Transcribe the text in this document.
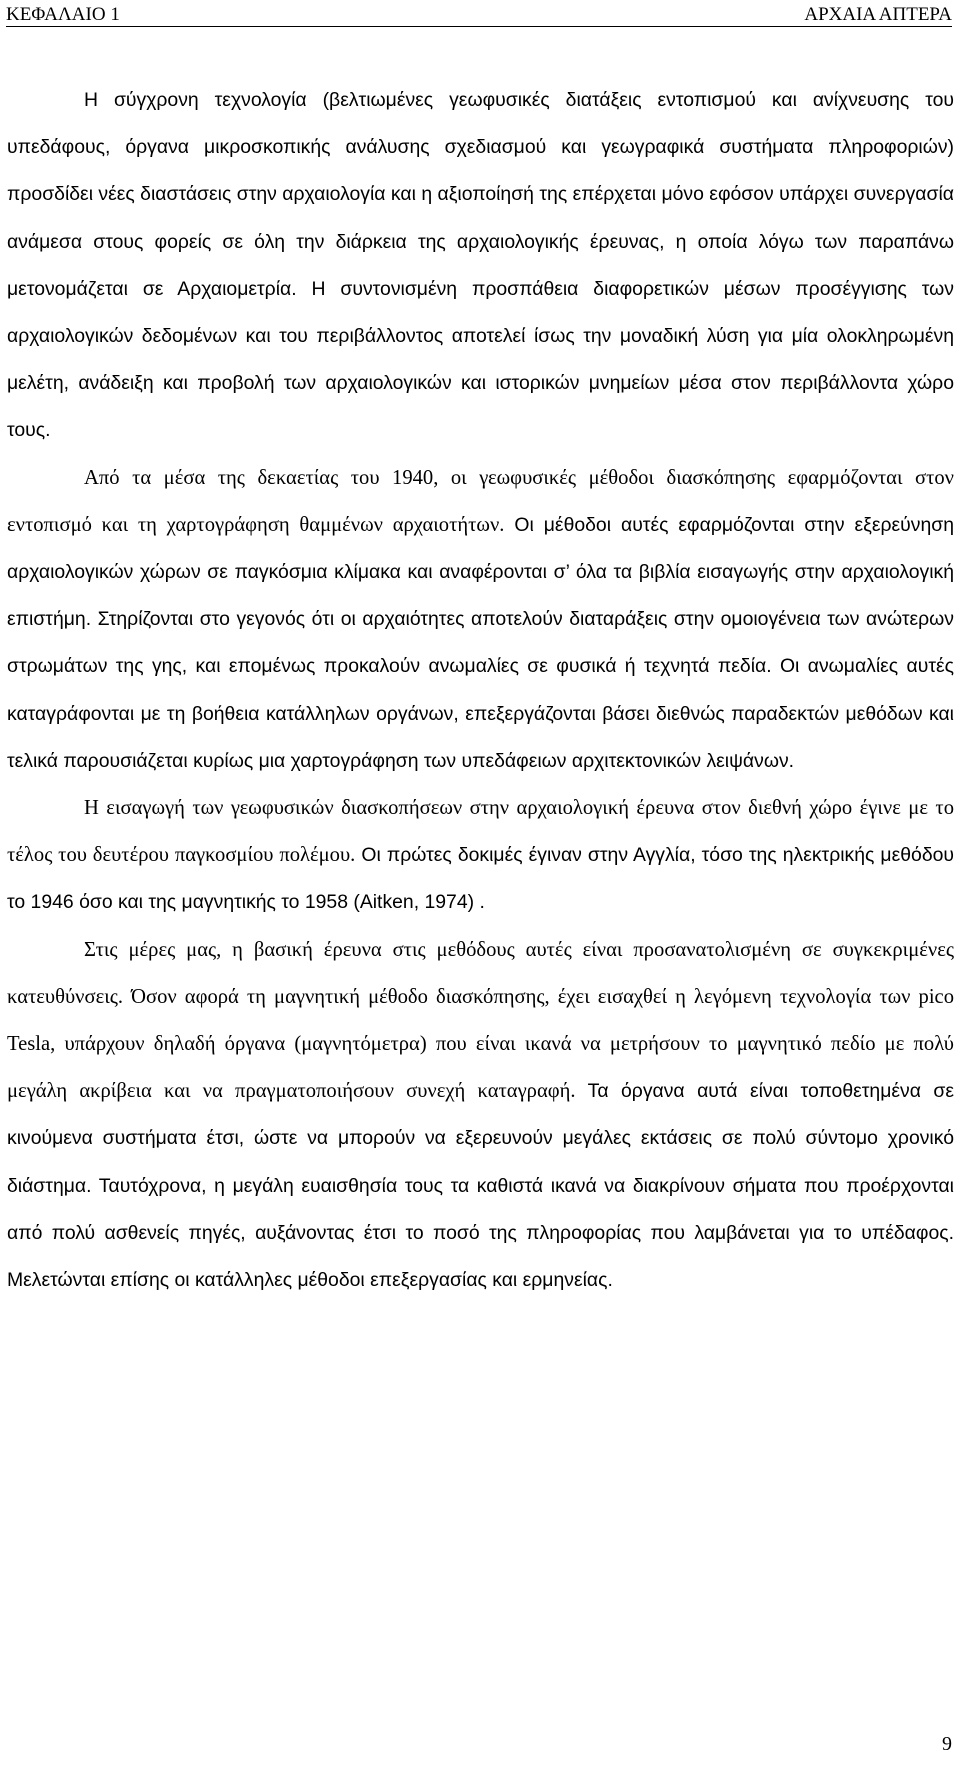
ΚΕΦΑΛΑΙΟ 1	ΑΡΧΑΙΑ ΑΠΤΕΡΑ

Η σύγχρονη τεχνολογία (βελτιωμένες γεωφυσικές διατάξεις εντοπισμού και ανίχνευσης του υπεδάφους, όργανα μικροσκοπικής ανάλυσης σχεδιασμού και γεωγραφικά συστήματα πληροφοριών) προσδίδει νέες διαστάσεις στην αρχαιολογία και η αξιοποίησή της επέρχεται μόνο εφόσον υπάρχει συνεργασία ανάμεσα στους φορείς σε όλη την διάρκεια της αρχαιολογικής έρευνας, η οποία λόγω των παραπάνω μετονομάζεται σε Αρχαιομετρία. Η συντονισμένη προσπάθεια διαφορετικών μέσων προσέγγισης των αρχαιολογικών δεδομένων και του περιβάλλοντος αποτελεί ίσως την μοναδική λύση για μία ολοκληρωμένη μελέτη, ανάδειξη και προβολή των αρχαιολογικών και ιστορικών μνημείων μέσα στον περιβάλλοντα χώρο τους.

Από τα μέσα της δεκαετίας του 1940, οι γεωφυσικές μέθοδοι διασκόπησης εφαρμόζονται στον εντοπισμό και τη χαρτογράφηση θαμμένων αρχαιοτήτων. Οι μέθοδοι αυτές εφαρμόζονται στην εξερεύνηση αρχαιολογικών χώρων σε παγκόσμια κλίμακα και αναφέρονται σ’ όλα τα βιβλία εισαγωγής στην αρχαιολογική επιστήμη. Στηρίζονται στο γεγονός ότι οι αρχαιότητες αποτελούν διαταράξεις στην ομοιογένεια των ανώτερων στρωμάτων της γης, και επομένως προκαλούν ανωμαλίες σε φυσικά ή τεχνητά πεδία. Οι ανωμαλίες αυτές καταγράφονται με τη βοήθεια κατάλληλων οργάνων, επεξεργάζονται βάσει διεθνώς παραδεκτών μεθόδων και τελικά παρουσιάζεται κυρίως μια χαρτογράφηση των υπεδάφειων αρχιτεκτονικών λειψάνων.

Η εισαγωγή των γεωφυσικών διασκοπήσεων στην αρχαιολογική έρευνα στον διεθνή χώρο έγινε με το τέλος του δευτέρου παγκοσμίου πολέμου. Οι πρώτες δοκιμές έγιναν στην Αγγλία, τόσο της ηλεκτρικής μεθόδου το 1946 όσο και της μαγνητικής το 1958 (Aitken, 1974) .

Στις μέρες μας, η βασική έρευνα στις μεθόδους αυτές είναι προσανατολισμένη σε συγκεκριμένες κατευθύνσεις. Όσον αφορά τη μαγνητική μέθοδο διασκόπησης, έχει εισαχθεί η λεγόμενη τεχνολογία των pico Tesla, υπάρχουν δηλαδή όργανα (μαγνητόμετρα) που είναι ικανά να μετρήσουν το μαγνητικό πεδίο με πολύ μεγάλη ακρίβεια και να πραγματοποιήσουν συνεχή καταγραφή. Τα όργανα αυτά είναι τοποθετημένα σε κινούμενα συστήματα έτσι, ώστε να μπορούν να εξερευνούν μεγάλες εκτάσεις σε πολύ σύντομο χρονικό διάστημα. Ταυτόχρονα, η μεγάλη ευαισθησία τους τα καθιστά ικανά να διακρίνουν σήματα που προέρχονται από πολύ ασθενείς πηγές, αυξάνοντας έτσι το ποσό της πληροφορίας που λαμβάνεται για το υπέδαφος. Μελετώνται επίσης οι κατάλληλες μέθοδοι επεξεργασίας και ερμηνείας.

9
